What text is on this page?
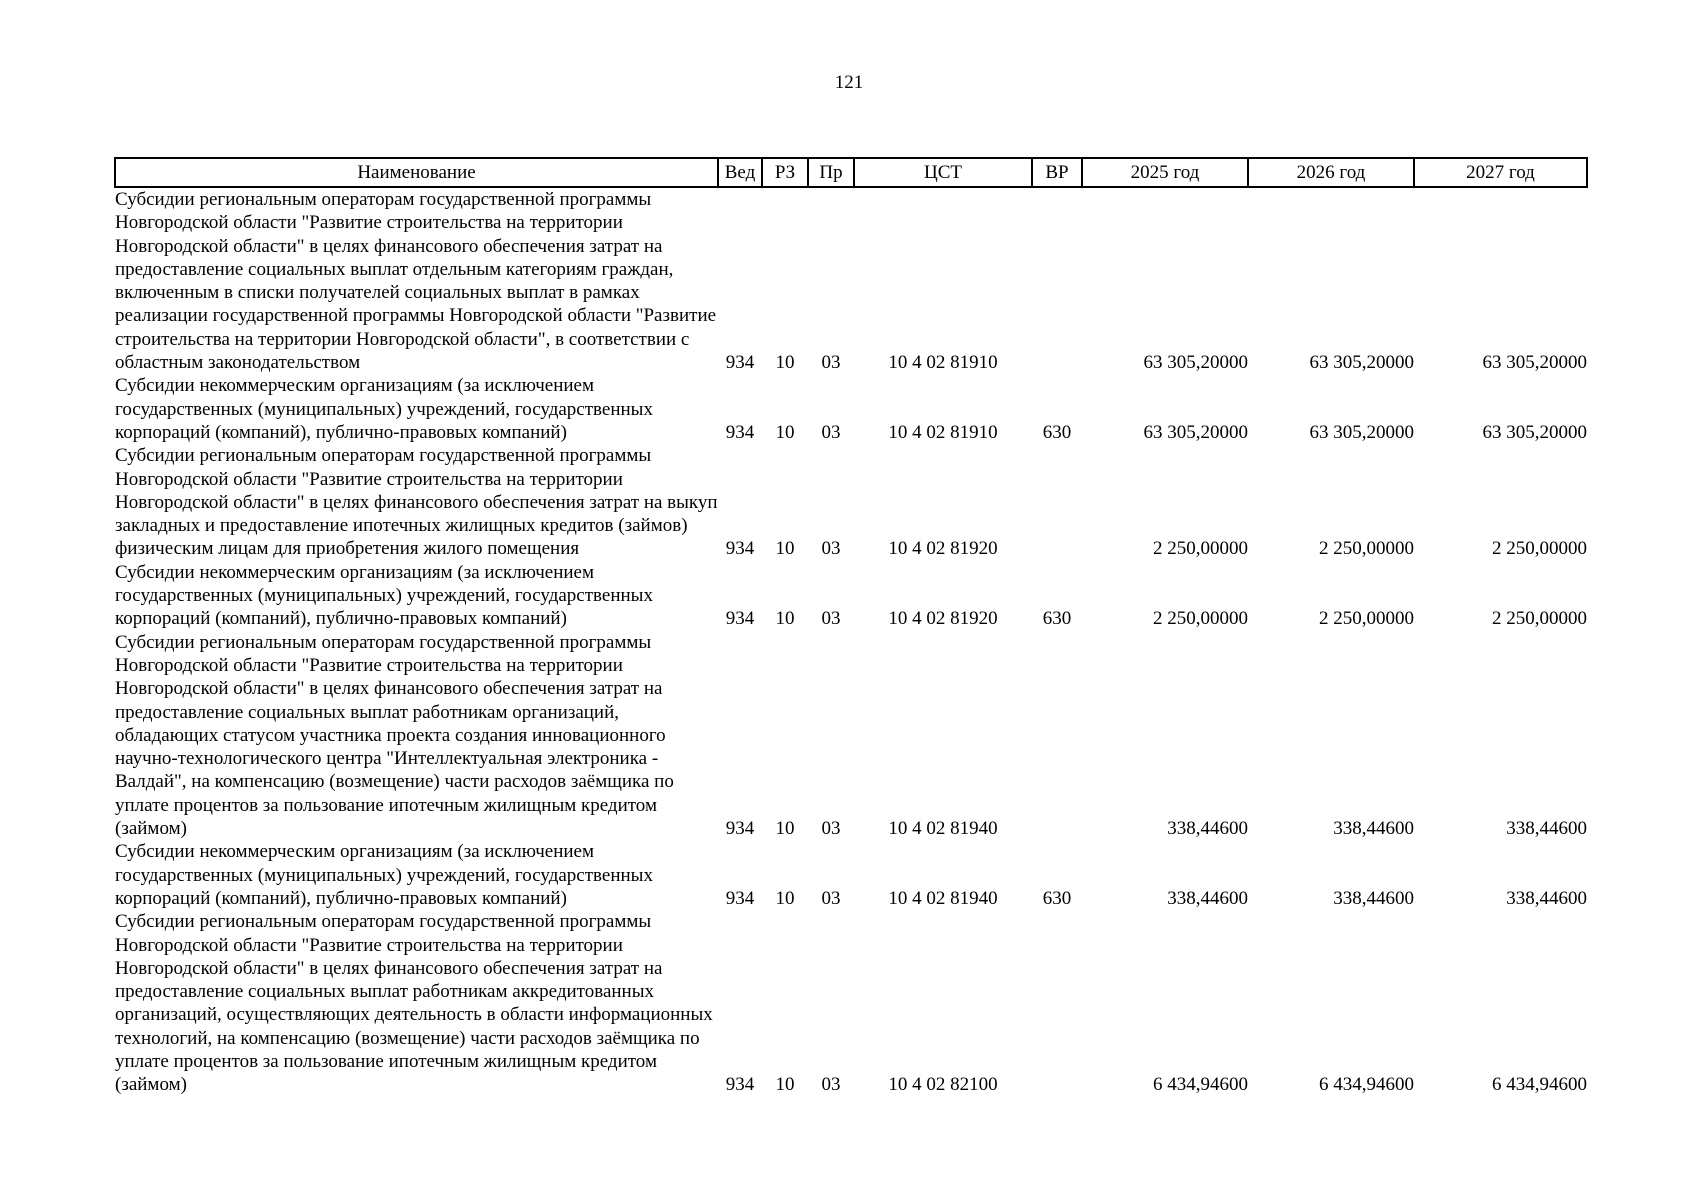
121
Наименование	Вед	РЗ	Пр	ЦСТ	ВР	2025 год	2026 год	2027 год
Субсидии региональным операторам государственной программы Новгородской области "Развитие строительства на территории Новгородской области" в целях финансового обеспечения затрат на предоставление социальных выплат отдельным категориям граждан, включенным в списки получателей социальных выплат в рамках реализации государственной программы Новгородской области "Развитие строительства на территории Новгородской области", в соответствии с областным законодательством	934	10	03	10 4 02 81910		63 305,20000	63 305,20000	63 305,20000
Субсидии некоммерческим организациям (за исключением государственных (муниципальных) учреждений, государственных корпораций (компаний), публично-правовых компаний)	934	10	03	10 4 02 81910	630	63 305,20000	63 305,20000	63 305,20000
Субсидии региональным операторам государственной программы Новгородской области "Развитие строительства на территории Новгородской области" в целях финансового обеспечения затрат на выкуп закладных и предоставление ипотечных жилищных кредитов (займов) физическим лицам для приобретения жилого помещения	934	10	03	10 4 02 81920		2 250,00000	2 250,00000	2 250,00000
Субсидии некоммерческим организациям (за исключением государственных (муниципальных) учреждений, государственных корпораций (компаний), публично-правовых компаний)	934	10	03	10 4 02 81920	630	2 250,00000	2 250,00000	2 250,00000
Субсидии региональным операторам государственной программы Новгородской области "Развитие строительства на территории Новгородской области" в целях финансового обеспечения затрат на предоставление социальных выплат работникам организаций, обладающих статусом участника проекта создания инновационного научно-технологического центра "Интеллектуальная электроника - Валдай", на компенсацию (возмещение) части расходов заёмщика по уплате процентов за пользование ипотечным жилищным кредитом (займом)	934	10	03	10 4 02 81940		338,44600	338,44600	338,44600
Субсидии некоммерческим организациям (за исключением государственных (муниципальных) учреждений, государственных корпораций (компаний), публично-правовых компаний)	934	10	03	10 4 02 81940	630	338,44600	338,44600	338,44600
Субсидии региональным операторам государственной программы Новгородской области "Развитие строительства на территории Новгородской области" в целях финансового обеспечения затрат на предоставление социальных выплат работникам аккредитованных организаций, осуществляющих деятельность в области информационных технологий, на компенсацию (возмещение) части расходов заёмщика по уплате процентов за пользование ипотечным жилищным кредитом (займом)	934	10	03	10 4 02 82100		6 434,94600	6 434,94600	6 434,94600
